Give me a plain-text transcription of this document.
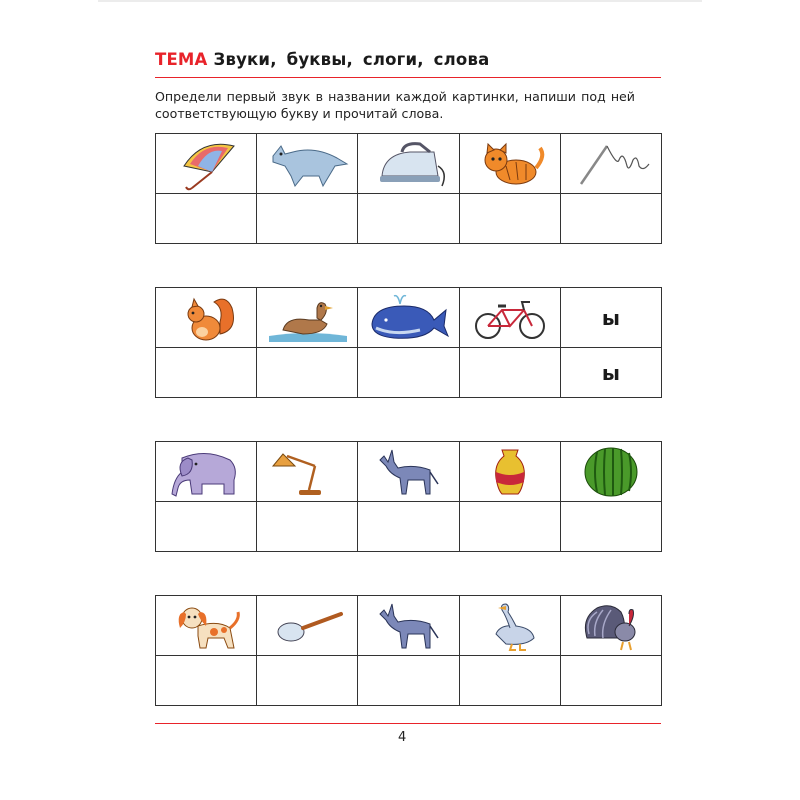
ТЕМА Звуки, буквы, слоги, слова
Определи первый звук в названии каждой картинки, напиши под ней соответствующую букву и прочитай слова.
ы
ы
4
